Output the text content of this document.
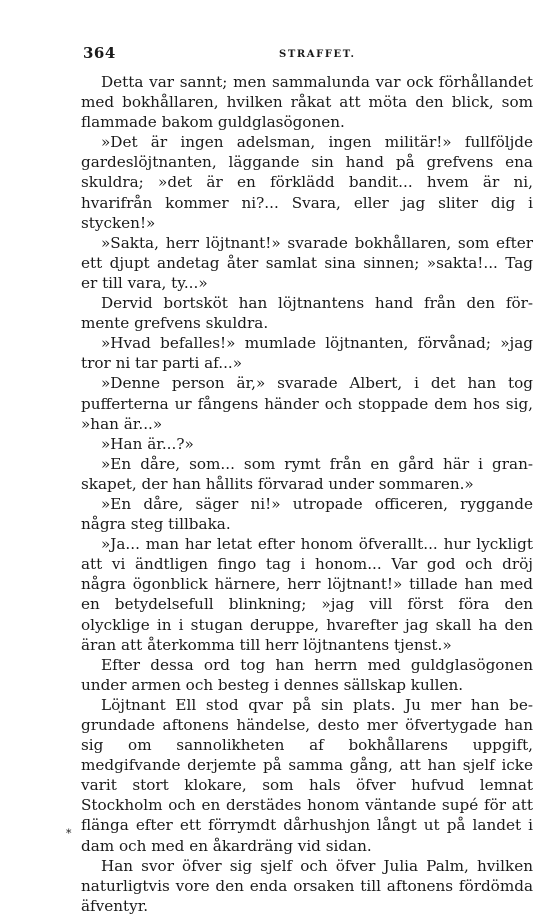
364	STRAFFET.

Detta var sannt; men sammalunda var ock förhållandet med bokhållaren, hvilken råkat att möta den blick, som flammade bakom guldglasögonen.

»Det är ingen adelsman, ingen militär!» fullföljde gardeslöjtnanten, läggande sin hand på grefvens ena skuldra; »det är en förklädd bandit... hvem är ni, hvarifrån kommer ni?... Svara, eller jag sliter dig i stycken!»

»Sakta, herr löjtnant!» svarade bokhållaren, som efter ett djupt andetag åter samlat sina sinnen; »sakta!... Tag er till vara, ty...»

Dervid bortsköt han löjtnantens hand från den förmente grefvens skuldra.

»Hvad befalles!» mumlade löjtnanten, förvånad; »jag tror ni tar parti af...»

»Denne person är,» svarade Albert, i det han tog pufferterna ur fångens händer och stoppade dem hos sig, »han är...»

»Han är...?»

»En dåre, som... som rymt från en gård här i granskapet, der han hållits förvarad under sommaren.»

»En dåre, säger ni!» utropade officeren, ryggande några steg tillbaka.

»Ja... man har letat efter honom öfverallt... hur lyckligt att vi ändtligen fingo tag i honom... Var god och dröj några ögonblick härnere, herr löjtnant!» tillade han med en betydelsefull blinkning; »jag vill först föra den olycklige in i stugan deruppe, hvarefter jag skall ha den äran att återkomma till herr löjtnantens tjenst.»

Efter dessa ord tog han herrn med guldglasögonen under armen och besteg i dennes sällskap kullen.

Löjtnant Ell stod qvar på sin plats. Ju mer han begrundade aftonens händelse, desto mer öfvertygade han sig om sannolikheten af bokhållarens uppgift, medgifvande derjemte på samma gång, att han sjelf icke varit stort klokare, som hals öfver hufvud lemnat Stockholm och en derstädes honom väntande supé för att flänga efter ett förrymdt dårhushjon långt ut på landet i dam och med en åkardräng vid sidan.

Han svor öfver sig sjelf och öfver Julia Palm, hvilken naturligtvis vore den enda orsaken till aftonens fördömda äfventyr.

*
